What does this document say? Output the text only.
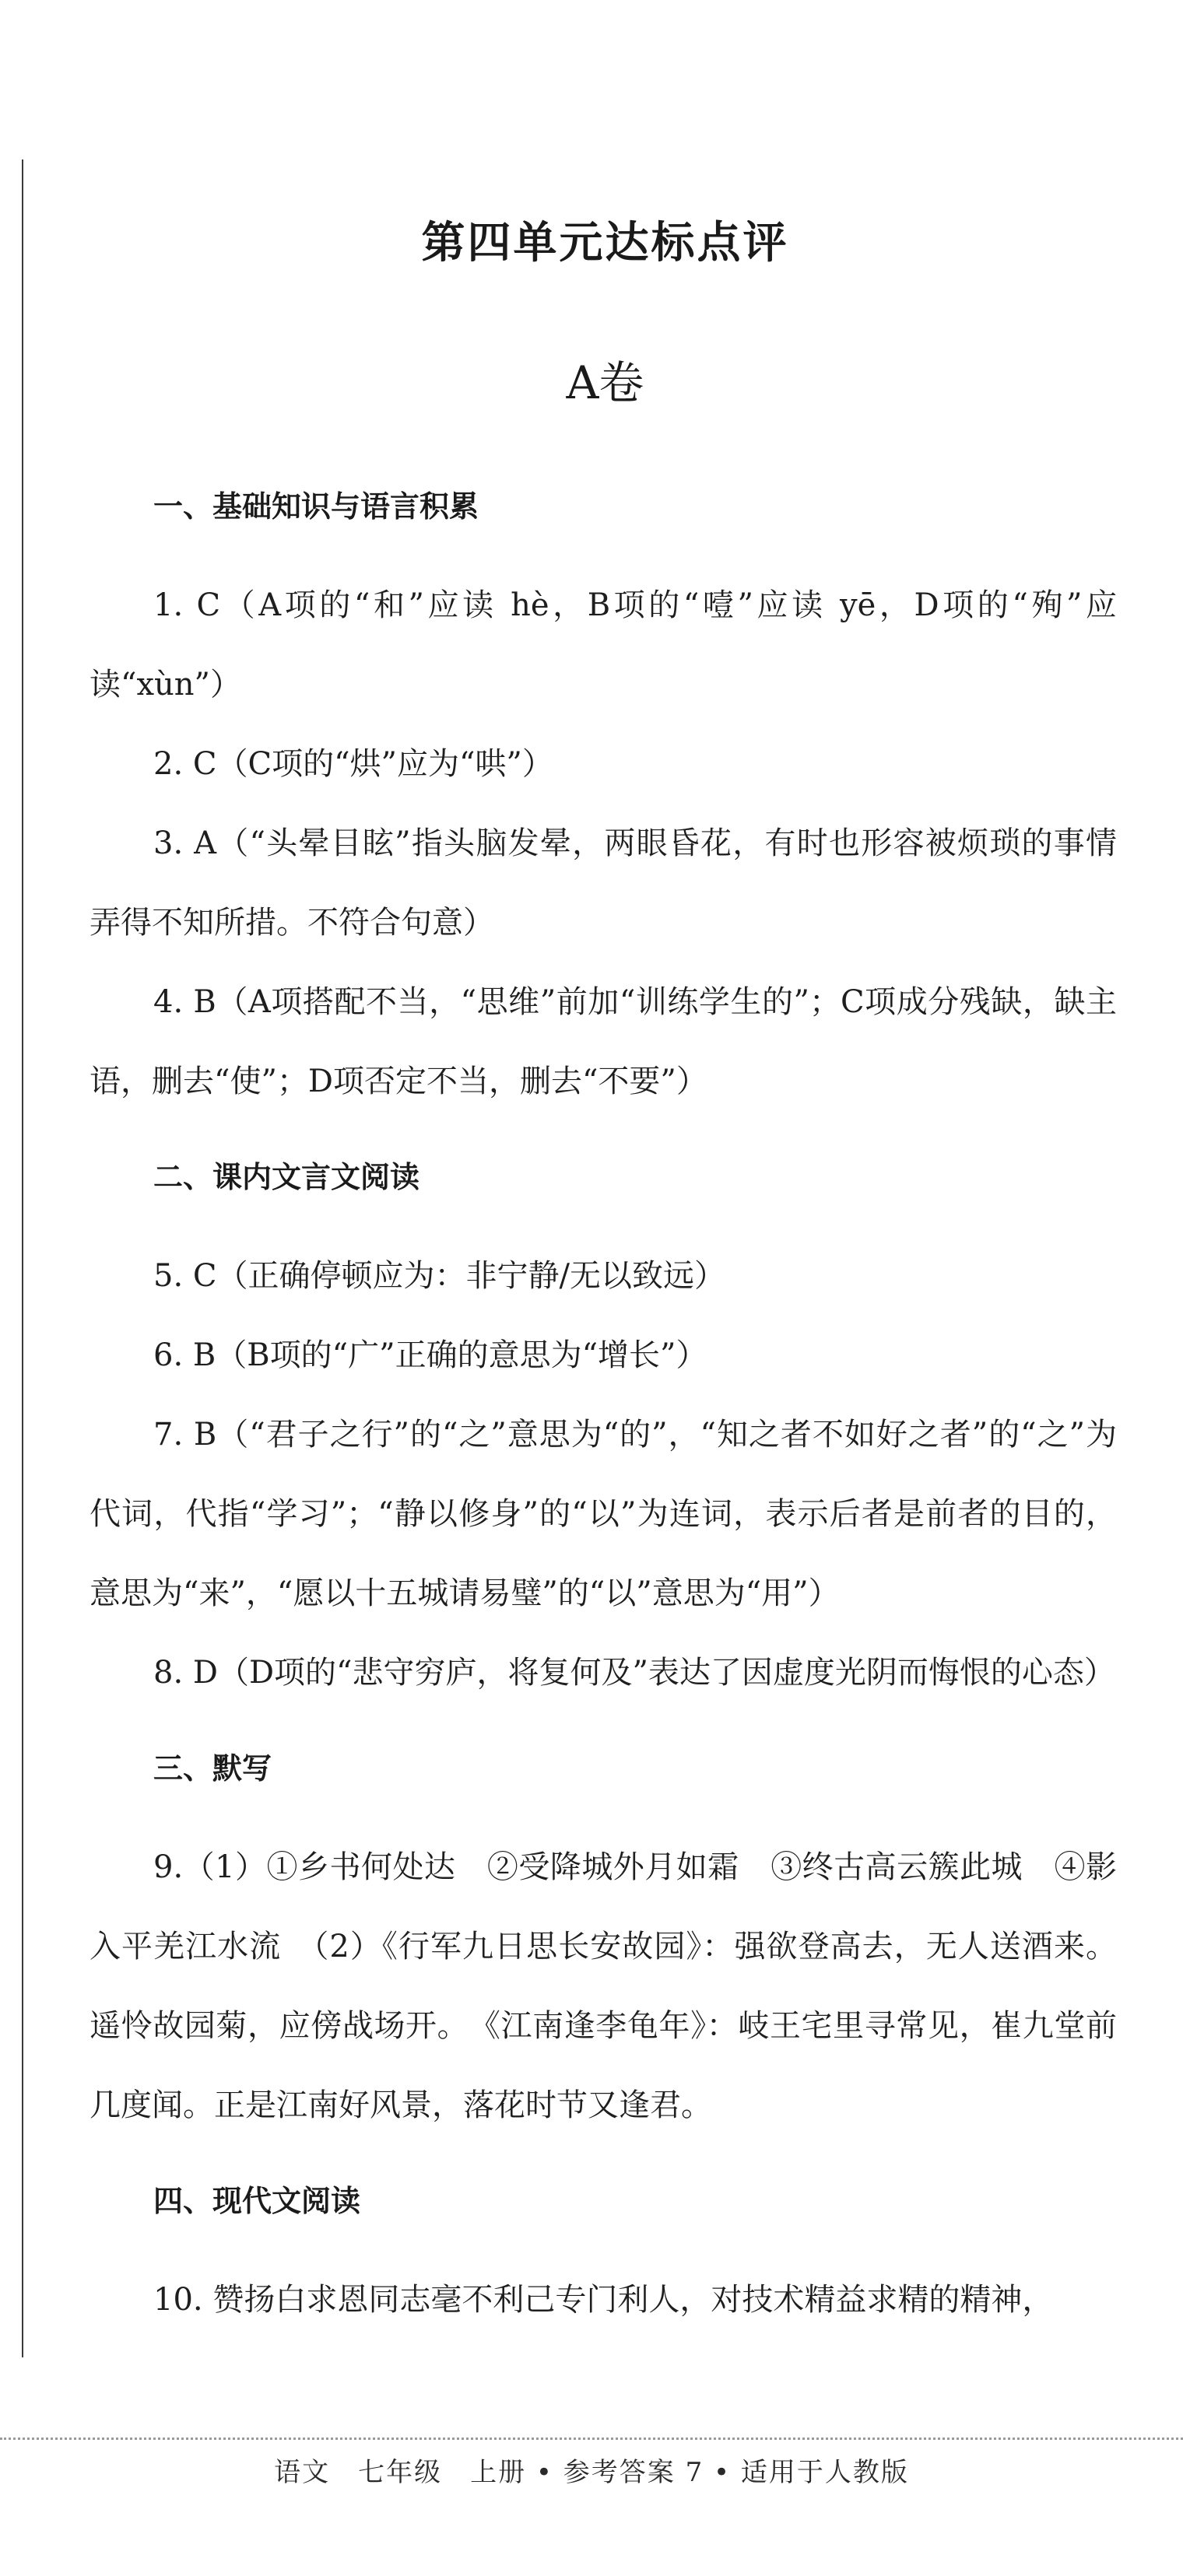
第四单元达标点评
A卷
一、基础知识与语言积累

1. C（A项的“和”应读 hè，B项的“噎”应读 yē，D项的“殉”应读“xùn”）

2. C（C项的“烘”应为“哄”）

3. A（“头晕目眩”指头脑发晕，两眼昏花，有时也形容被烦琐的事情弄得不知所措。不符合句意）

4. B（A项搭配不当，“思维”前加“训练学生的”；C项成分残缺，缺主语，删去“使”；D项否定不当，删去“不要”）

二、课内文言文阅读

5. C（正确停顿应为：非宁静/无以致远）

6. B（B项的“广”正确的意思为“增长”）

7. B（“君子之行”的“之”意思为“的”，“知之者不如好之者”的“之”为代词，代指“学习”；“静以修身”的“以”为连词，表示后者是前者的目的，意思为“来”，“愿以十五城请易璧”的“以”意思为“用”）

8. D（D项的“悲守穷庐，将复何及”表达了因虚度光阴而悔恨的心态）

三、默写

9.（1）①乡书何处达　②受降城外月如霜　③终古高云簇此城　④影入平羌江水流　（2）《行军九日思长安故园》：强欲登高去，无人送酒来。遥怜故园菊，应傍战场开。　《江南逢李龟年》：岐王宅里寻常见，崔九堂前几度闻。正是江南好风景，落花时节又逢君。

四、现代文阅读

10. 赞扬白求恩同志毫不利己专门利人，对技术精益求精的精神，

语文　七年级　上册 • 参考答案 7 • 适用于人教版
